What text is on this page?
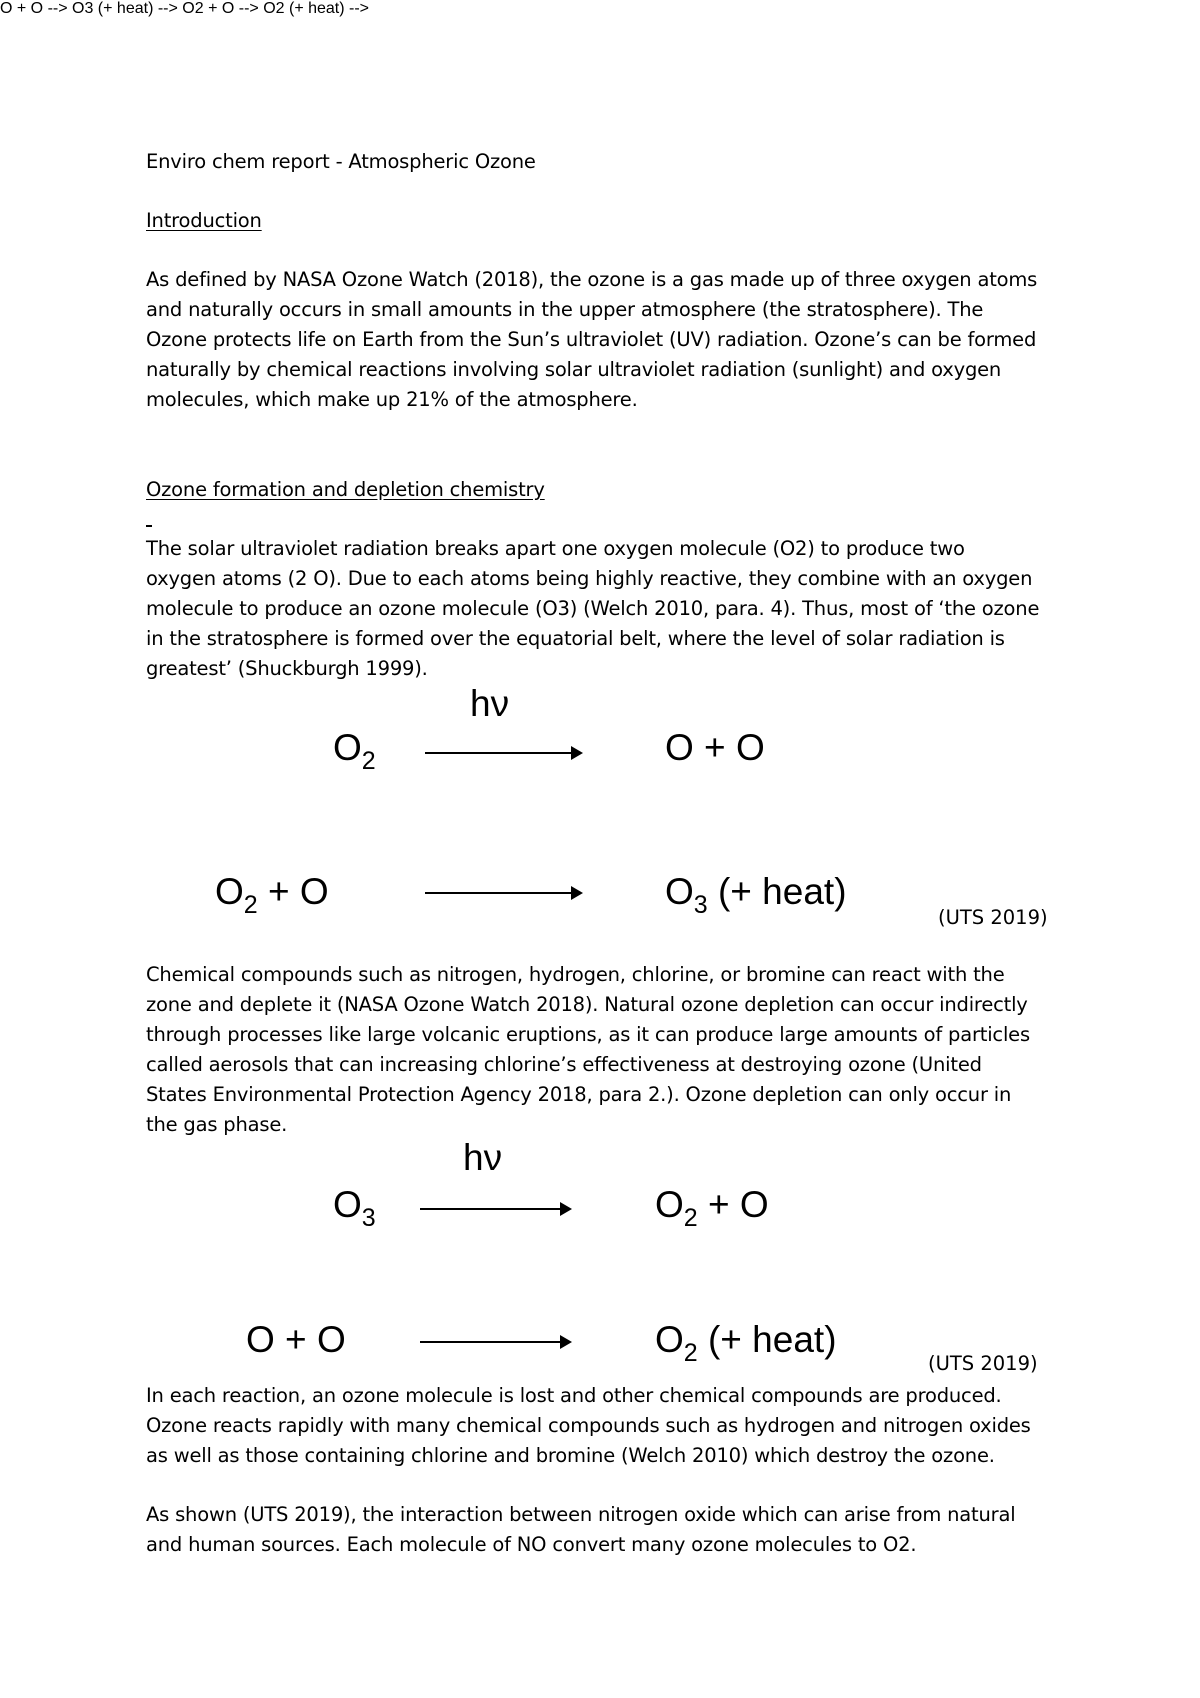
Enviro chem report - Atmospheric Ozone

Introduction

As defined by NASA Ozone Watch (2018), the ozone is a gas made up of three oxygen atoms

and naturally occurs in small amounts in the upper atmosphere (the stratosphere). The

Ozone protects life on Earth from the Sun’s ultraviolet (UV) radiation. Ozone’s can be formed

naturally by chemical reactions involving solar ultraviolet radiation (sunlight) and oxygen

molecules, which make up 21% of the atmosphere.

Ozone formation and depletion chemistry

The solar ultraviolet radiation breaks apart one oxygen molecule (O2) to produce two

oxygen atoms (2 O). Due to each atoms being highly reactive, they combine with an oxygen

molecule to produce an ozone molecule (O3) (Welch 2010, para. 4). Thus, most of ‘the ozone

in the stratosphere is formed over the equatorial belt, where the level of solar radiation is

greatest’ (Shuckburgh 1999).

O + O -->
hν
$O_2$	O + O
O3 (+ heat) -->
$O_2 + O$	$O_3$ (+ heat)
(UTS 2019)

Chemical compounds such as nitrogen, hydrogen, chlorine, or bromine can react with the

zone and deplete it (NASA Ozone Watch 2018). Natural ozone depletion can occur indirectly

through processes like large volcanic eruptions, as it can produce large amounts of particles

called aerosols that can increasing chlorine’s effectiveness at destroying ozone (United

States Environmental Protection Agency 2018, para 2.). Ozone depletion can only occur in

the gas phase.

O2 + O -->
hν
$O_3$	$O_2 + O$
O2 (+ heat) -->
O + O	$O_2$ (+ heat)
(UTS 2019)

In each reaction, an ozone molecule is lost and other chemical compounds are produced.

Ozone reacts rapidly with many chemical compounds such as hydrogen and nitrogen oxides

as well as those containing chlorine and bromine (Welch 2010) which destroy the ozone.

As shown (UTS 2019), the interaction between nitrogen oxide which can arise from natural

and human sources. Each molecule of NO convert many ozone molecules to O2.
